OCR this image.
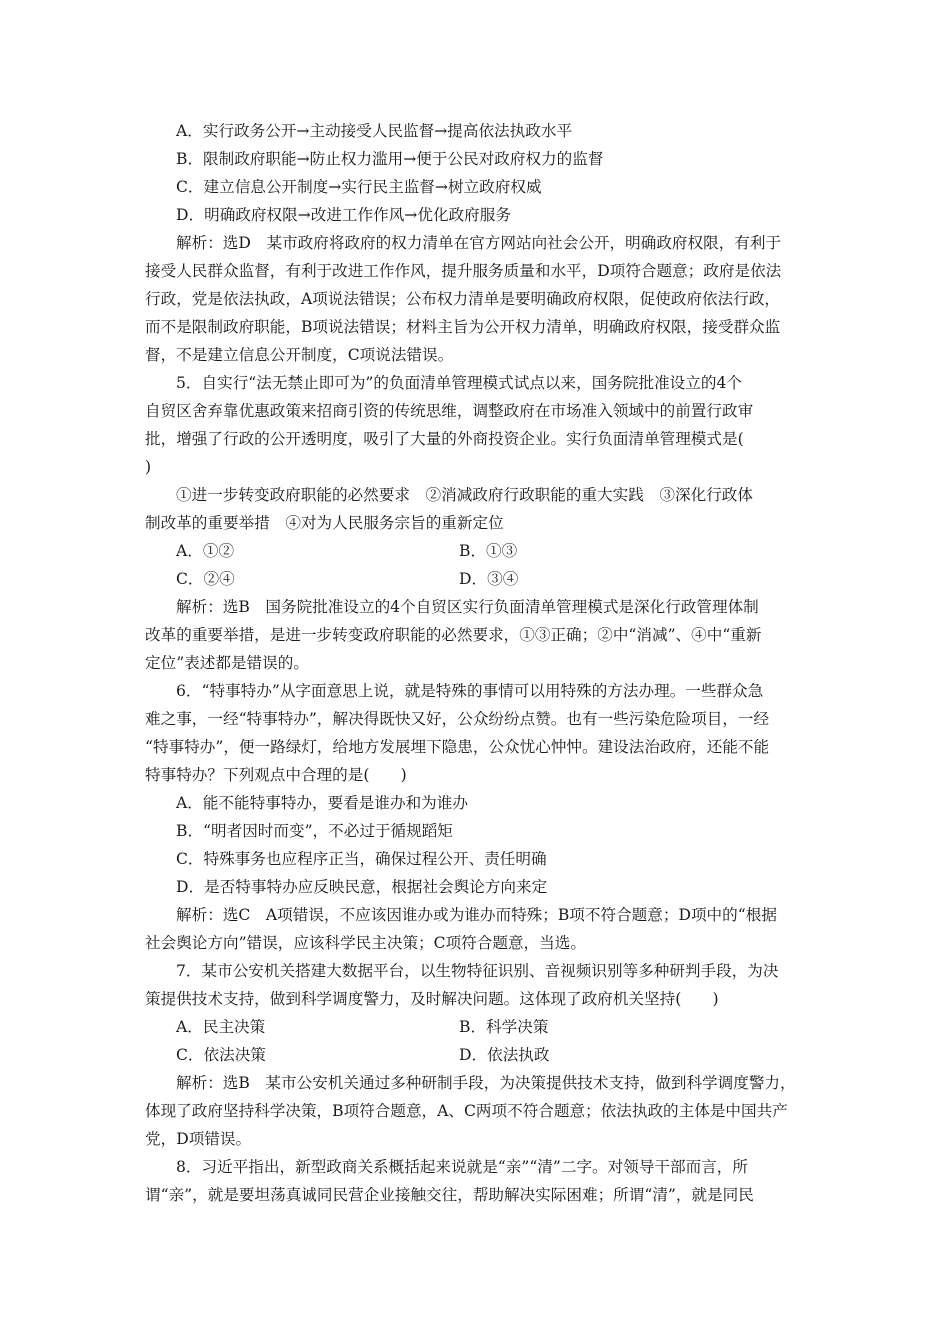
A．实行政务公开→主动接受人民监督→提高依法执政水平
B．限制政府职能→防止权力滥用→便于公民对政府权力的监督
C．建立信息公开制度→实行民主监督→树立政府权威
D．明确政府权限→改进工作作风→优化政府服务
解析：选D　某市政府将政府的权力清单在官方网站向社会公开，明确政府权限，有利于
接受人民群众监督，有利于改进工作作风，提升服务质量和水平，D项符合题意；政府是依法
行政，党是依法执政，A项说法错误；公布权力清单是要明确政府权限，促使政府依法行政，
而不是限制政府职能，B项说法错误；材料主旨为公开权力清单，明确政府权限，接受群众监
督，不是建立信息公开制度，C项说法错误。
5．自实行“法无禁止即可为”的负面清单管理模式试点以来，国务院批准设立的4个
自贸区舍弃靠优惠政策来招商引资的传统思维，调整政府在市场准入领域中的前置行政审
批，增强了行政的公开透明度，吸引了大量的外商投资企业。实行负面清单管理模式是(
)
①进一步转变政府职能的必然要求　②消减政府行政职能的重大实践　③深化行政体
制改革的重要举措　④对为人民服务宗旨的重新定位
A．①②	B．①③
C．②④	D．③④
解析：选B　国务院批准设立的4个自贸区实行负面清单管理模式是深化行政管理体制
改革的重要举措，是进一步转变政府职能的必然要求，①③正确；②中“消减”、④中“重新
定位”表述都是错误的。
6．“特事特办”从字面意思上说，就是特殊的事情可以用特殊的方法办理。一些群众急
难之事，一经“特事特办”，解决得既快又好，公众纷纷点赞。也有一些污染危险项目，一经
“特事特办”，便一路绿灯，给地方发展埋下隐患，公众忧心忡忡。建设法治政府，还能不能
特事特办？下列观点中合理的是(　　)
A．能不能特事特办，要看是谁办和为谁办
B．“明者因时而变”，不必过于循规蹈矩
C．特殊事务也应程序正当，确保过程公开、责任明确
D．是否特事特办应反映民意，根据社会舆论方向来定
解析：选C　A项错误，不应该因谁办或为谁办而特殊；B项不符合题意；D项中的“根据
社会舆论方向”错误，应该科学民主决策；C项符合题意，当选。
7．某市公安机关搭建大数据平台，以生物特征识别、音视频识别等多种研判手段，为决
策提供技术支持，做到科学调度警力，及时解决问题。这体现了政府机关坚持(　　)
A．民主决策	B．科学决策
C．依法决策	D．依法执政
解析：选B　某市公安机关通过多种研制手段，为决策提供技术支持，做到科学调度警力，
体现了政府坚持科学决策，B项符合题意，A、C两项不符合题意；依法执政的主体是中国共产
党，D项错误。
8．习近平指出，新型政商关系概括起来说就是“亲”“清”二字。对领导干部而言，所
谓“亲”，就是要坦荡真诚同民营企业接触交往，帮助解决实际困难；所谓“清”，就是同民
